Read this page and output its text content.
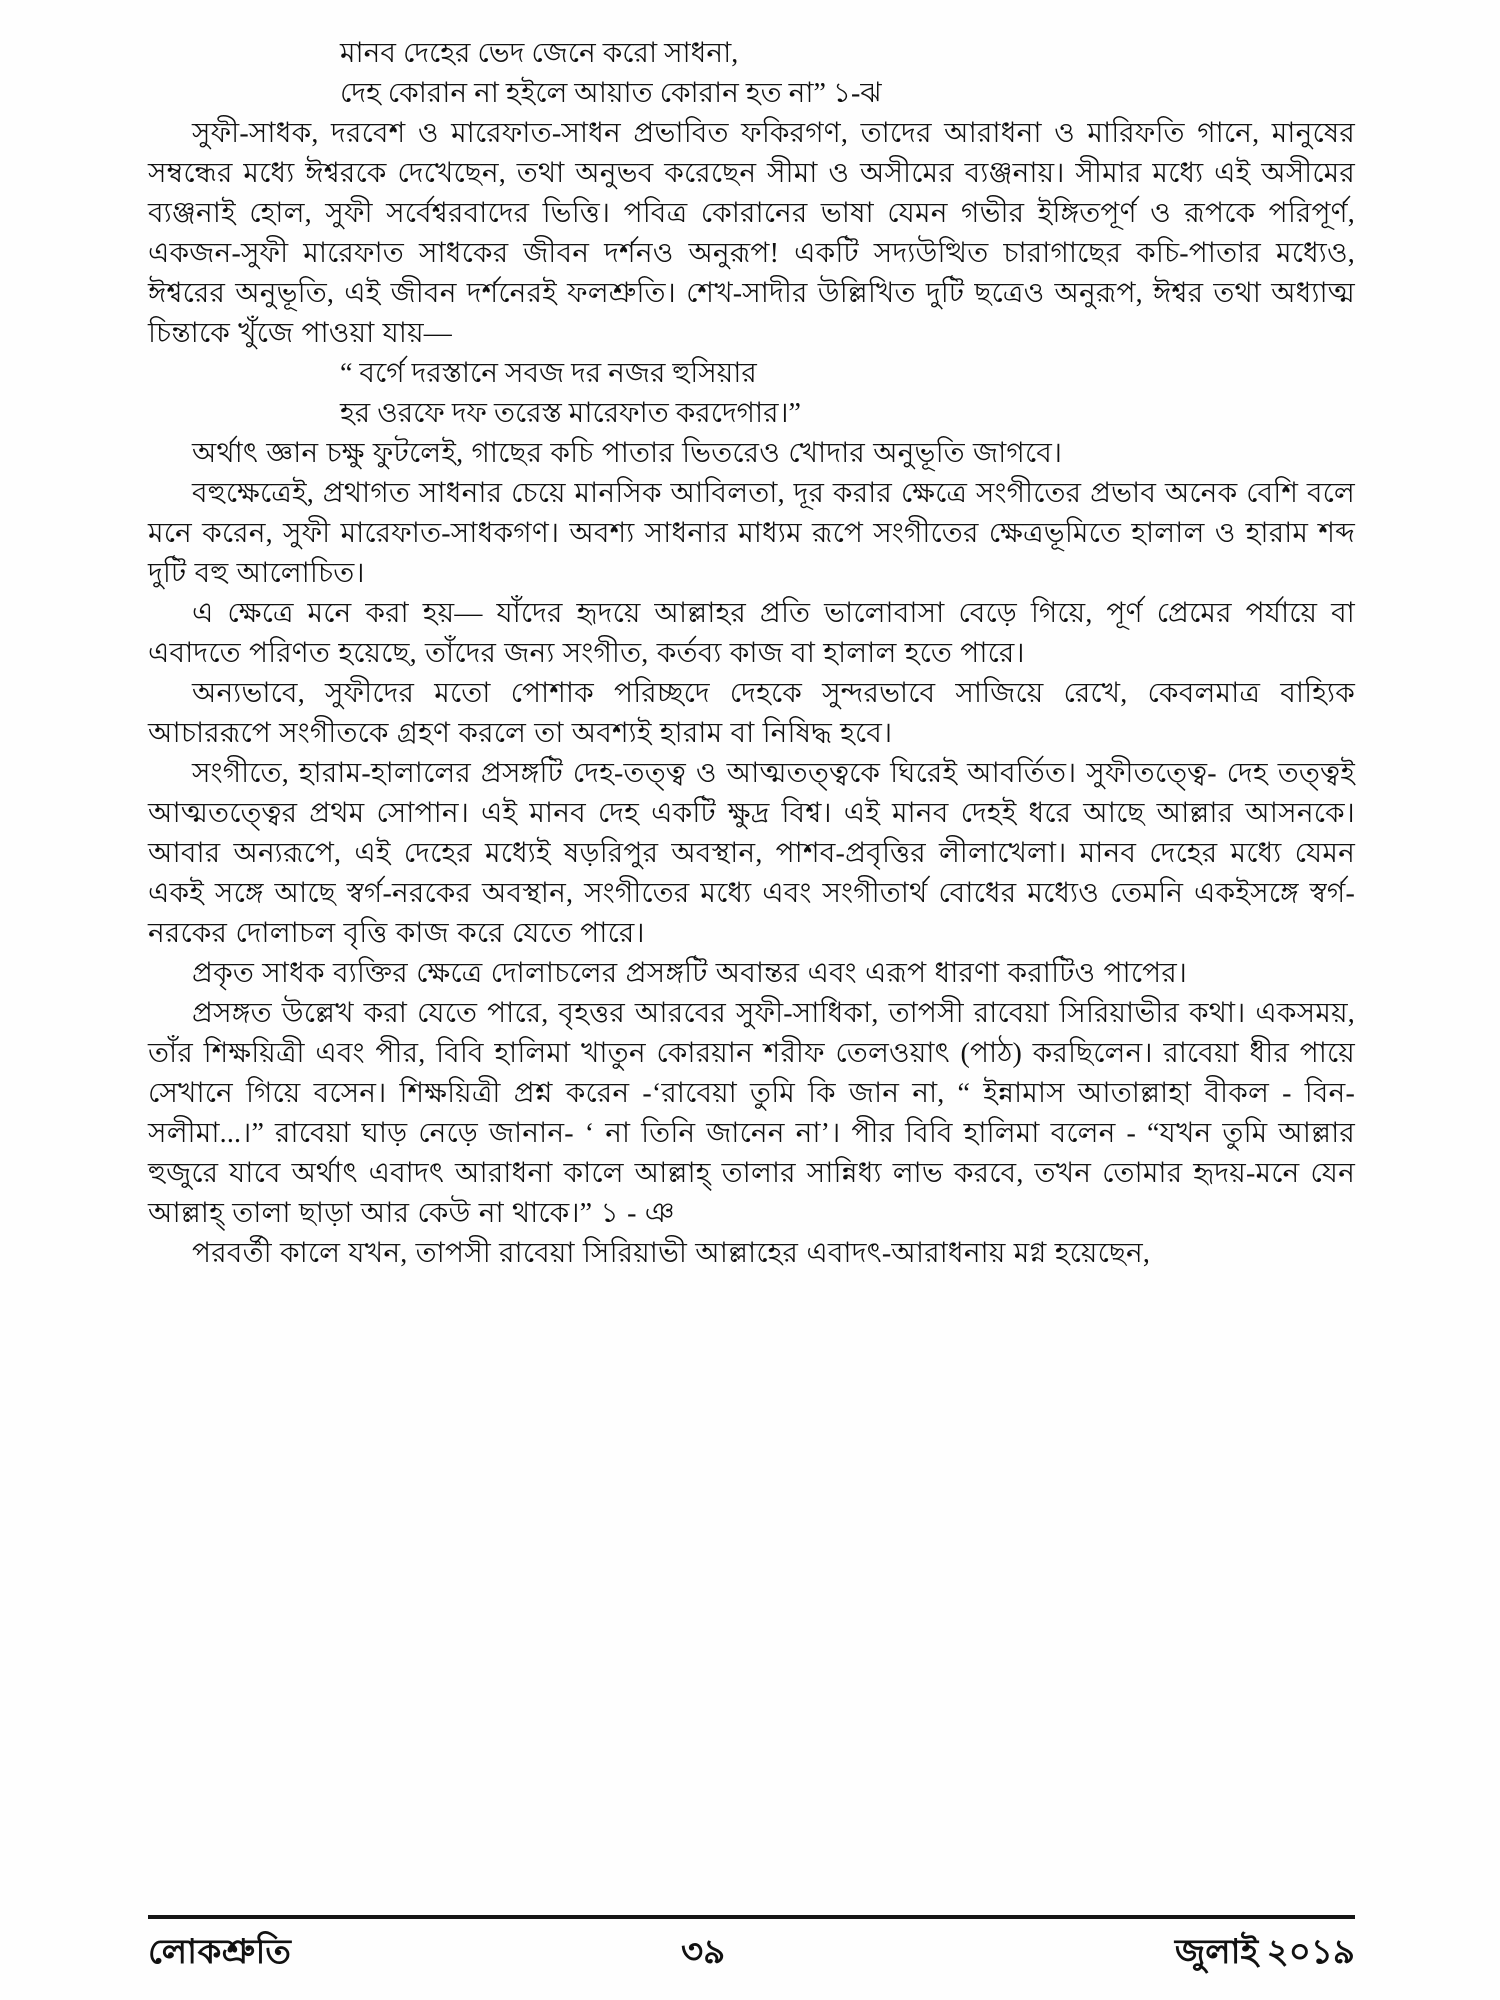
মানব দেহের ভেদ জেনে করো সাধনা,
দেহ কোরান না হইলে আয়াত কোরান হত না” ১-ঝ

সুফী-সাধক, দরবেশ ও মারেফাত-সাধন প্রভাবিত ফকিরগণ, তাদের আরাধনা ও মারিফতি গানে, মানুষের সম্বন্ধের মধ্যে ঈশ্বরকে দেখেছেন, তথা অনুভব করেছেন সীমা ও অসীমের ব্যঞ্জনায়। সীমার মধ্যে এই অসীমের ব্যঞ্জনাই হোল, সুফী সর্বেশ্বরবাদের ভিত্তি। পবিত্র কোরানের ভাষা যেমন গভীর ইঙ্গিতপূর্ণ ও রূপকে পরিপূর্ণ, একজন-সুফী মারেফাত সাধকের জীবন দর্শনও অনুরূপ! একটি সদ্যউত্থিত চারাগাছের কচি-পাতার মধ্যেও, ঈশ্বরের অনুভূতি, এই জীবন দর্শনেরই ফলশ্রুতি। শেখ-সাদীর উল্লিখিত দুটি ছত্রেও অনুরূপ, ঈশ্বর তথা অধ্যাত্ম চিন্তাকে খুঁজে পাওয়া যায়—

“ বর্গে দরস্তানে সবজ দর নজর হুসিয়ার
হর ওরফে দফ তরেস্ত মারেফাত করদেগার।”

অর্থাৎ জ্ঞান চক্ষু ফুটলেই, গাছের কচি পাতার ভিতরেও খোদার অনুভূতি জাগবে।

বহুক্ষেত্রেই, প্রথাগত সাধনার চেয়ে মানসিক আবিলতা, দূর করার ক্ষেত্রে সংগীতের প্রভাব অনেক বেশি বলে মনে করেন, সুফী মারেফাত-সাধকগণ। অবশ্য সাধনার মাধ্যম রূপে সংগীতের ক্ষেত্রভূমিতে হালাল ও হারাম শব্দ দুটি বহু আলোচিত।

এ ক্ষেত্রে মনে করা হয়— যাঁদের হৃদয়ে আল্লাহর প্রতি ভালোবাসা বেড়ে গিয়ে, পূর্ণ প্রেমের পর্যায়ে বা এবাদতে পরিণত হয়েছে, তাঁদের জন্য সংগীত, কর্তব্য কাজ বা হালাল হতে পারে।

অন্যভাবে, সুফীদের মতো পোশাক পরিচ্ছদে দেহকে সুন্দরভাবে সাজিয়ে রেখে, কেবলমাত্র বাহ্যিক আচাররূপে সংগীতকে গ্রহণ করলে তা অবশ্যই হারাম বা নিষিদ্ধ হবে।

সংগীতে, হারাম-হালালের প্রসঙ্গটি দেহ-তত্ত্ব ও আত্মতত্ত্বকে ঘিরেই আবর্তিত। সুফীতত্ত্বে- দেহ তত্ত্বই আত্মতত্ত্বের প্রথম সোপান। এই মানব দেহ একটি ক্ষুদ্র বিশ্ব। এই মানব দেহই ধরে আছে আল্লার আসনকে। আবার অন্যরূপে, এই দেহের মধ্যেই ষড়রিপুর অবস্থান, পাশব-প্রবৃত্তির লীলাখেলা। মানব দেহের মধ্যে যেমন একই সঙ্গে আছে স্বর্গ-নরকের অবস্থান, সংগীতের মধ্যে এবং সংগীতার্থ বোধের মধ্যেও তেমনি একইসঙ্গে স্বর্গ-নরকের দোলাচল বৃত্তি কাজ করে যেতে পারে।

প্রকৃত সাধক ব্যক্তির ক্ষেত্রে দোলাচলের প্রসঙ্গটি অবান্তর এবং এরূপ ধারণা করাটিও পাপের।

প্রসঙ্গত উল্লেখ করা যেতে পারে, বৃহত্তর আরবের সুফী-সাধিকা, তাপসী রাবেয়া সিরিয়াভীর কথা। একসময়, তাঁর শিক্ষয়িত্রী এবং পীর, বিবি হালিমা খাতুন কোরয়ান শরীফ তেলওয়াৎ (পাঠ) করছিলেন। রাবেয়া ধীর পায়ে সেখানে গিয়ে বসেন। শিক্ষয়িত্রী প্রশ্ন করেন -‘রাবেয়া তুমি কি জান না, “ ইন্নামাস আতাল্লাহা বীকল - বিন- সলীমা...।” রাবেয়া ঘাড় নেড়ে জানান- ‘ না তিনি জানেন না’। পীর বিবি হালিমা বলেন - “যখন তুমি আল্লার হুজুরে যাবে অর্থাৎ এবাদৎ আরাধনা কালে আল্লাহ্ তালার সান্নিধ্য লাভ করবে, তখন তোমার হৃদয়-মনে যেন আল্লাহ্ তালা ছাড়া আর কেউ না থাকে।” ১ - ঞ

পরবর্তী কালে যখন, তাপসী রাবেয়া সিরিয়াভী আল্লাহের এবাদৎ-আরাধনায় মগ্ন হয়েছেন,

লোকশ্রুতি	৩৯	জুলাই ২০১৯
